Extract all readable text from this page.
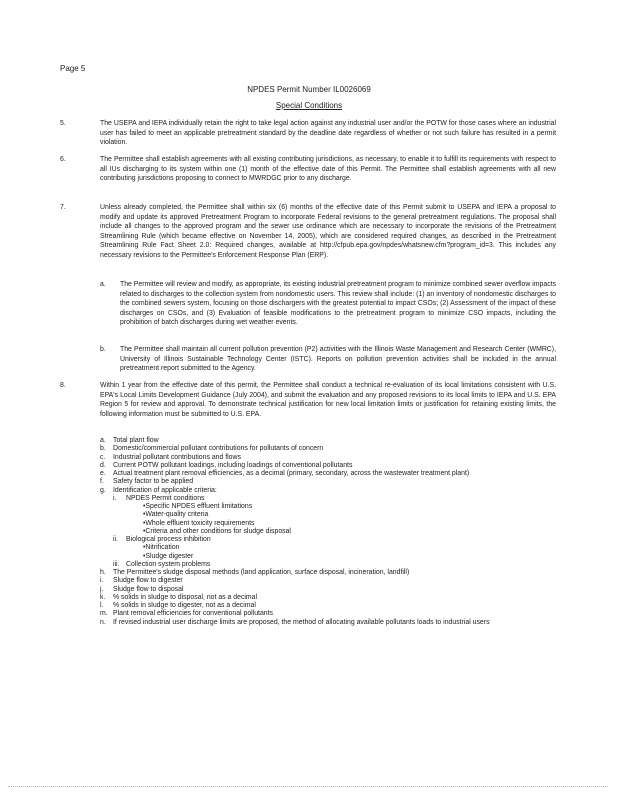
Page 5
NPDES Permit Number IL0026069
Special Conditions
5.	The USEPA and IEPA individually retain the right to take legal action against any industrial user and/or the POTW for those cases where an industrial user has failed to meet an applicable pretreatment standard by the deadline date regardless of whether or not such failure has resulted in a permit violation.
6.	The Permittee shall establish agreements with all existing contributing jurisdictions, as necessary, to enable it to fulfill its requirements with respect to all IUs discharging to its system within one (1) month of the effective date of this Permit. The Permittee shall establish agreements with all new contributing jurisdictions proposing to connect to MWRDGC prior to any discharge.
7.	Unless already completed, the Permittee shall within six (6) months of the effective date of this Permit submit to USEPA and IEPA a proposal to modify and update its approved Pretreatment Program to incorporate Federal revisions to the general pretreatment regulations. The proposal shall include all changes to the approved program and the sewer use ordinance which are necessary to incorporate the revisions of the Pretreatment Streamlining Rule (which became effective on November 14, 2005), which are considered required changes, as described in the Pretreatment Streamlining Rule Fact Sheet 2.0: Required changes, available at http://cfpub.epa.gov/npdes/whatsnew.cfm?program_id=3. This includes any necessary revisions to the Permittee's Enforcement Response Plan (ERP).
a. The Permittee will review and modify, as appropriate, its existing industrial pretreatment program to minimize combined sewer overflow impacts related to discharges to the collection system from nondomestic users. This review shall include: (1) an inventory of nondomestic discharges to the combined sewers system, focusing on those dischargers with the greatest potential to impact CSOs; (2) Assessment of the impact of these discharges on CSOs, and (3) Evaluation of feasible modifications to the pretreatment program to minimize CSO impacts, including the prohibition of batch discharges during wet weather events.
b. The Permittee shall maintain all current pollution prevention (P2) activities with the Illinois Waste Management and Research Center (WMRC), University of Illinois Sustainable Technology Center (ISTC). Reports on pollution prevention activities shall be included in the annual pretreatment report submitted to the Agency.
8.	Within 1 year from the effective date of this permit, the Permittee shall conduct a technical re-evaluation of its local limitations consistent with U.S. EPA's Local Limits Development Guidance (July 2004), and submit the evaluation and any proposed revisions to its local limits to IEPA and U.S. EPA Region 5 for review and approval. To demonstrate technical justification for new local limitation limits or justification for retaining existing limits, the following information must be submitted to U.S. EPA.
a. Total plant flow
b. Domestic/commercial pollutant contributions for pollutants of concern
c. Industrial pollutant contributions and flows
d. Current POTW pollutant loadings, including loadings of conventional pollutants
e. Actual treatment plant removal efficiencies, as a decimal (primary, secondary, across the wastewater treatment plant)
f. Safety factor to be applied
g. Identification of applicable criteria:
i. NPDES Permit conditions
•Specific NPDES effluent limitations
•Water-quality criteria
•Whole effluent toxicity requirements
•Criteria and other conditions for sludge disposal
ii. Biological process inhibition
•Nitrification
•Sludge digester
iii. Collection system problems
h. The Permittee's sludge disposal methods (land application, surface disposal, incineration, landfill)
i. Sludge flow to digester
j. Sludge flow to disposal
k. % solids in sludge to disposal, not as a decimal
l. % solids in sludge to digester, not as a decimal
m. Plant removal efficiencies for conventional pollutants
n. If revised industrial user discharge limits are proposed, the method of allocating available pollutants loads to industrial users
